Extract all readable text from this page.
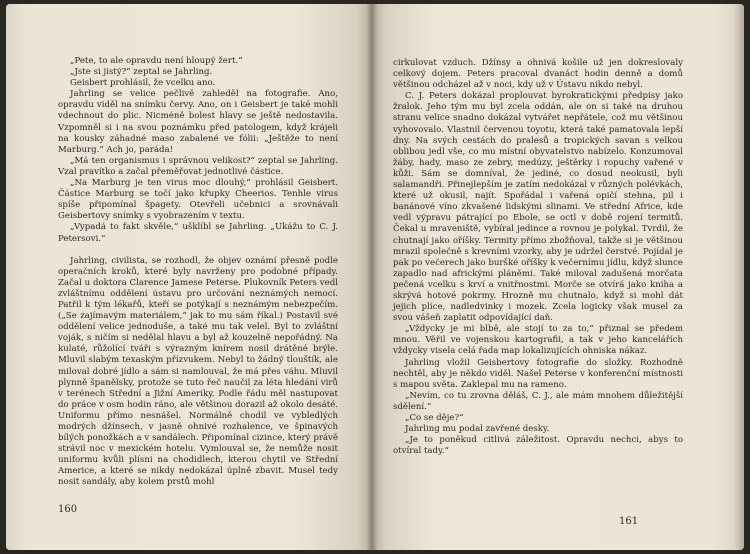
„Pete, to ale opravdu není hloupý žert.“

„Jste si jistý?“ zeptal se Jahrling.

Geisbert prohlásil, že vcelku ano.

Jahrling se velice pečlivě zahleděl na fotografie. Ano, opravdu viděl na snímku červy. Ano, on i Geisbert je také mohli vdechnout do plic. Nicméně bolest hlavy se ještě nedostavila. Vzpomněl si i na svou poznámku před patologem, když krájeli na kousky záhadné maso zabalené ve fólii: „Ještěže to není Marburg.“ Ach jo, paráda!

„Má ten organismus i správnou velikost?“ zeptal se Jahrling. Vzal pravítko a začal přeměřovat jednotlivé částice.

„Na Marburg je ten virus moc dlouhý,“ prohlásil Geisbert. Částice Marburg se točí jako křupky Cheerios. Tenhle virus spíše připomínal špagety. Otevřeli učebnici a srovnávali Geisbertovy snímky s vyobrazením v textu.

„Vypadá to fakt skvěle,“ ušklíbl se Jahrling. „Ukážu to C. J. Petersovi.“

Jahrling, civilista, se rozhodl, že objev oznámí přesně podle operačních kroků, které byly navrženy pro podobné případy. Začal u doktora Clarence Jamese Peterse. Plukovník Peters vedl zvláštnímu oddělení ústavu pro určování neznámých nemocí. Patřil k tým lékařů, kteří se potýkají s neznámým nebezpečím. („Se zajímavým materiálem,“ jak to mu sám říkal.) Postavil své oddělení velice jednoduše, a také mu tak velel. Byl to zvláštní voják, s ničím si nedělal hlavu a byl až kouzelně nepořádný. Na kulaté, růžolící tváři s výrazným knírem nosil drátěné brýle. Mluvil slabým texaským přízvukem. Nebyl to žádný tlouštík, ale miloval dobré jídlo a sám si namlouval, že má přes váhu. Mluvil plynně španělsky, protože se tuto řeč naučil za léta hledání virů v terénech Střední a Jižní Ameriky. Podle řádu měl nastupovat do práce v osm hodin ráno, ale většinou dorazil až okolo desáté. Uniformu přímo nesnášel. Normálně chodil ve vybledlých modrých džínsech, v jasně ohnivé rozhalence, ve špinavých bílých ponožkách a v sandálech. Připomínal cizince, který právě strávil noc v mexickém hotelu. Vymlouval se, že nemůže nosit uniformu kvůli plísni na chodidlech, kterou chytil ve Střední Americe, a které se nikdy nedokázal úplně zbavit. Musel tedy nosit sandály, aby kolem prstů mohl

160

cirkulovat vzduch. Džínsy a ohnivá košile už jen dokreslovaly celkový dojem. Peters pracoval dvanáct hodin denně a domů většinou odcházel až v noci, kdy už v Ústavu nikdo nebyl.

C. J. Peters dokázal proplouvat byrokratickými předpisy jako žralok. Jeho tým mu byl zcela oddán, ale on si také na druhou stranu velice snadno dokázal vytvářet nepřátele, což mu většinou vyhovovalo. Vlastnil červenou toyotu, která také pamatovala lepší dny. Na svých cestách do pralesů a tropických savan s velkou oblibou jedl vše, co mu místní obyvatelstvo nabízelo. Konzumoval žáby, hady, maso ze zebry, medúzy, ještěrky i ropuchy vařené v kůži. Sám se domníval, že jediné, co dosud neokusil, byli salamandři. Přinejlepším je zatím nedokázal v různých polévkách, které už okusil, najít. Spořádal i vařená opičí stehna, pil i banánové víno zkvašené lidskými slinami. Ve střední Africe, kde vedl výpravu pátrající po Ebole, se octl v době rojení termitů. Čekal u mraveniště, vybíral jedince a rovnou je polykal. Tvrdil, že chutnají jako oříšky. Termity přímo zbožňoval, takže si je většinou mrazil společně s krevními vzorky, aby je udržel čerstvé. Pojídal je pak po večerech jako buršké oříšky k večernímu jídlu, když slunce zapadlo nad africkými pláněmi. Také miloval zadušená morčata pečená vcelku s krví a vnitřnostmi. Morče se otvírá jako kniha a skrývá hotové pokrmy. Hrozně mu chutnalo, když si mohl dát jejich plíce, nadledvinky i mozek. Zcela logicky však musel za svou vášeň zaplatit odpovídající daň.

„Vždycky je mi blbě, ale stojí to za to,“ přiznal se předem mnou. Věřil ve vojenskou kartografii, a tak v jeho kancelářích vždycky visela celá řada map lokalizujících ohniska nákaz.

Jahrling vložil Geisbertovy fotografie do složky. Rozhodně nechtěl, aby je někdo viděl. Našel Peterse v konferenční místnosti s mapou světa. Zaklepal mu na rameno.

„Nevím, co tu zrovna děláš, C. J., ale mám mnohem důležitější sdělení.“

„Co se děje?“

Jahrling mu podal zavřené desky.

„Je to poněkud citlivá záležitost. Opravdu nechci, abys to otvíral tady.“

161
